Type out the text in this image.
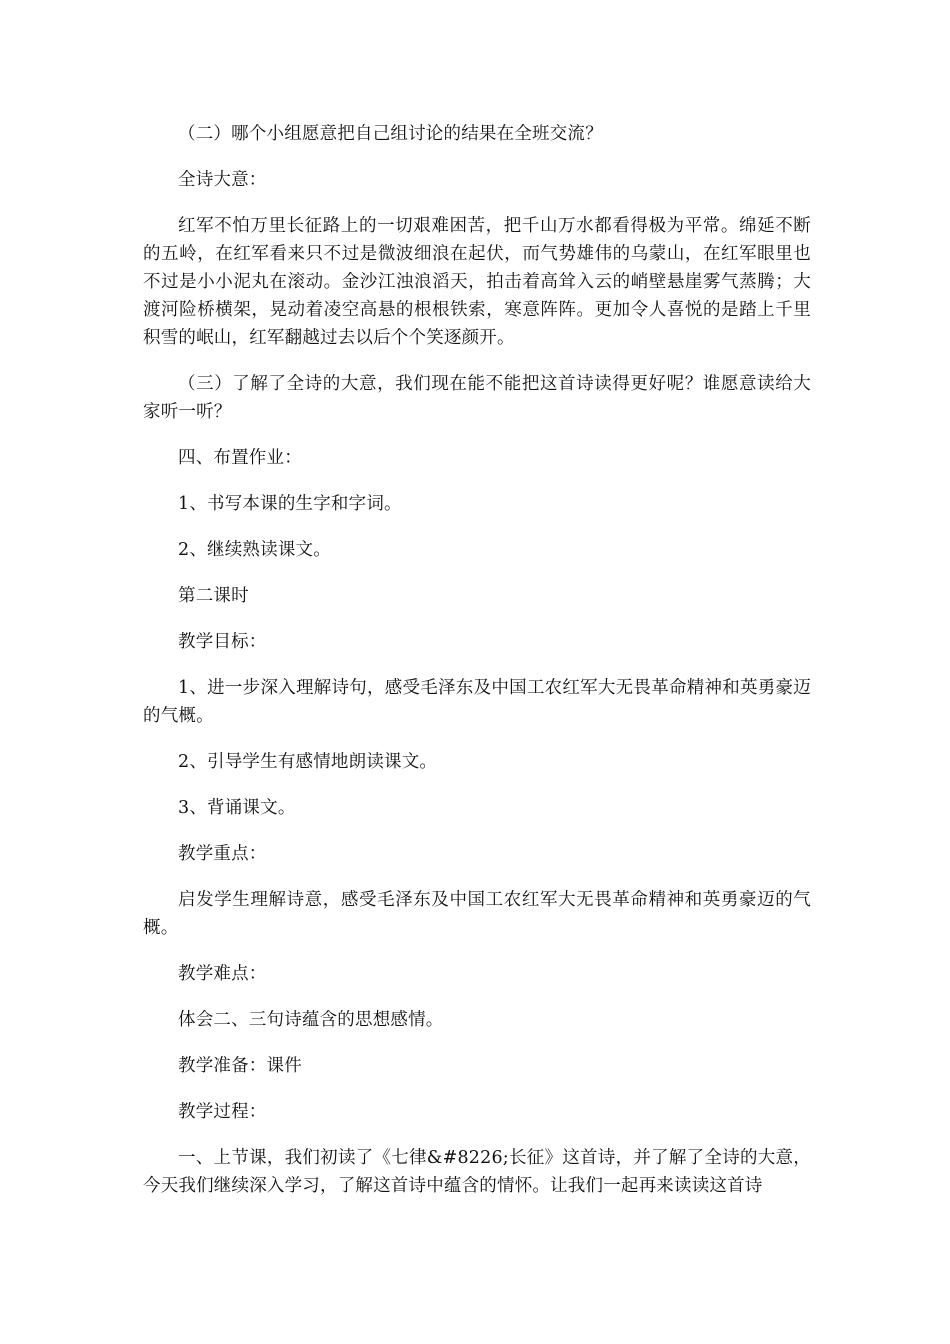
（二）哪个小组愿意把自己组讨论的结果在全班交流？

全诗大意：

红军不怕万里长征路上的一切艰难困苦，把千山万水都看得极为平常。绵延不断的五岭，在红军看来只不过是微波细浪在起伏，而气势雄伟的乌蒙山，在红军眼里也不过是小小泥丸在滚动。金沙江浊浪滔天，拍击着高耸入云的峭壁悬崖雾气蒸腾；大渡河险桥横架，晃动着凌空高悬的根根铁索，寒意阵阵。更加令人喜悦的是踏上千里积雪的岷山，红军翻越过去以后个个笑逐颜开。

（三）了解了全诗的大意，我们现在能不能把这首诗读得更好呢？谁愿意读给大家听一听？

四、布置作业：

1、书写本课的生字和字词。

2、继续熟读课文。

第二课时

教学目标：

1、进一步深入理解诗句，感受毛泽东及中国工农红军大无畏革命精神和英勇豪迈的气概。

2、引导学生有感情地朗读课文。

3、背诵课文。

教学重点：

启发学生理解诗意，感受毛泽东及中国工农红军大无畏革命精神和英勇豪迈的气概。

教学难点：

体会二、三句诗蕴含的思想感情。

教学准备：课件

教学过程：

一、上节课，我们初读了《七律&#8226;长征》这首诗，并了解了全诗的大意，今天我们继续深入学习，了解这首诗中蕴含的情怀。让我们一起再来读读这首诗
